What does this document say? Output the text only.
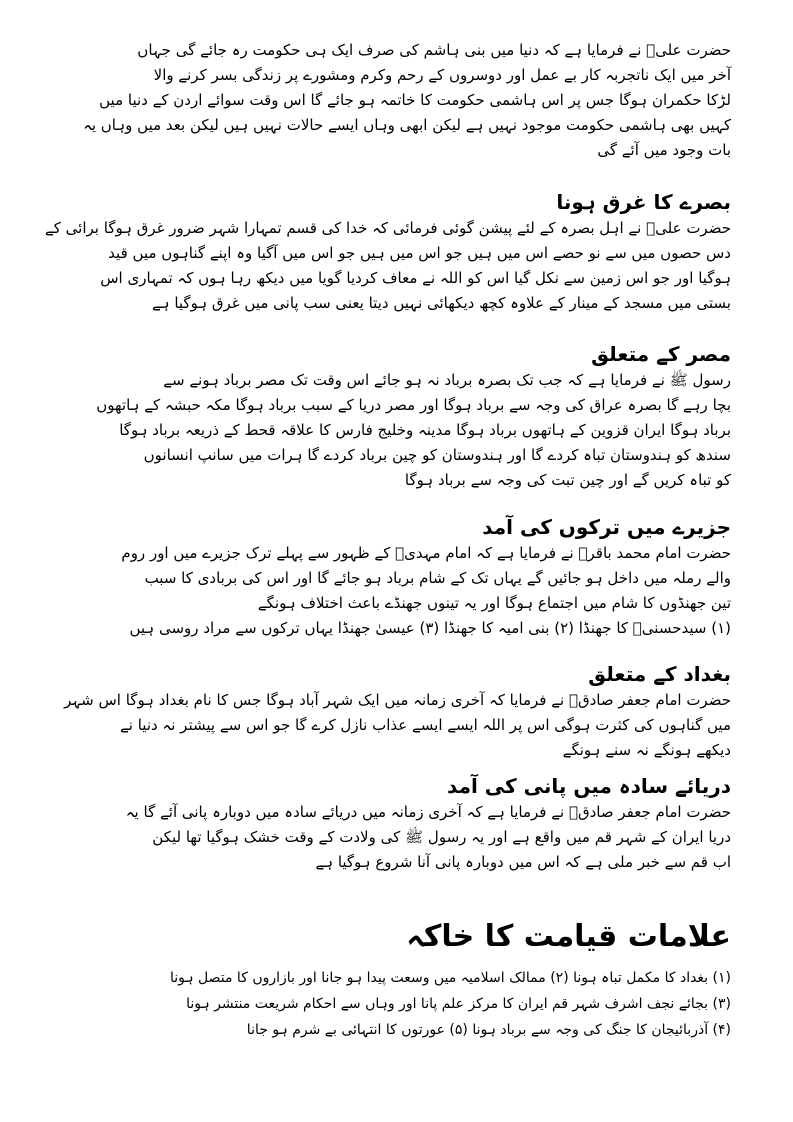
حضرت علیؑ نے فرمایا ہے کہ دنیا میں بنی ہاشم کی صرف ایک ہی حکومت رہ جائے گی جہاں
آخر میں ایک ناتجربہ کار بے عمل اور دوسروں کے رحم وکرم ومشورے پر زندگی بسر کرنے والا
لڑکا حکمران ہوگا جس پر اس ہاشمی حکومت کا خاتمہ ہو جائے گا اس وقت سوائے اردن کے دنیا میں
کہیں بھی ہاشمی حکومت موجود نہیں ہے لیکن ابھی وہاں ایسے حالات نہیں ہیں لیکن بعد میں وہاں یہ
بات وجود میں آئے گی
بصرے کا غرق ہونا
حضرت علیؑ نے اہل بصرہ کے لئے پیشن گوئی فرمائی کہ خدا کی قسم تمہارا شہر ضرور غرق ہوگا برائی کے
دس حصوں میں سے نو حصے اس میں ہیں جو اس میں ہیں جو اس میں آگیا وہ اپنے گناہوں میں قید
ہوگیا اور جو اس زمین سے نکل گیا اس کو اللہ نے معاف کردیا گویا میں دیکھ رہا ہوں کہ تمہاری اس
بستی میں مسجد کے مینار کے علاوہ کچھ دیکھائی نہیں دیتا یعنی سب پانی میں غرق ہوگیا ہے
مصر کے متعلق
رسول ﷺ نے فرمایا ہے کہ جب تک بصرہ برباد نہ ہو جائے اس وقت تک مصر برباد ہونے سے
بچا رہے گا بصرہ عراق کی وجہ سے برباد ہوگا اور مصر دریا کے سبب برباد ہوگا مکہ حبشہ کے ہاتھوں
برباد ہوگا ایران قزوین کے ہاتھوں برباد ہوگا مدینہ وخلیج فارس کا علاقہ قحط کے ذریعہ برباد ہوگا
سندھ کو ہندوستان تباہ کردے گا اور ہندوستان کو چین برباد کردے گا ہرات میں سانپ انسانوں
کو تباہ کریں گے اور چین تبت کی وجہ سے برباد ہوگا
جزیرے میں ترکوں کی آمد
حضرت امام محمد باقرؑ نے فرمایا ہے کہ امام مہدیؑ کے ظہور سے پہلے ترک جزیرے میں اور روم
والے رملہ میں داخل ہو جائیں گے یہاں تک کے شام برباد ہو جائے گا اور اس کی بربادی کا سبب
تین جھنڈوں کا شام میں اجتماع ہوگا اور یہ تینوں جھنڈے باعث اختلاف ہونگے
(۱) سیدحسنیؑ کا جھنڈا (۲) بنی امیہ کا جھنڈا (۳) عیسیٰ جھنڈا یہاں ترکوں سے مراد روسی ہیں
بغداد کے متعلق
حضرت امام جعفر صادقؑ نے فرمایا کہ آخری زمانہ میں ایک شہر آباد ہوگا جس کا نام بغداد ہوگا اس شہر
میں گناہوں کی کثرت ہوگی اس پر اللہ ایسے ایسے عذاب نازل کرے گا جو اس سے پیشتر نہ دنیا نے
دیکھے ہونگے نہ سنے ہونگے
دریائے سادہ میں پانی کی آمد
حضرت امام جعفر صادقؑ نے فرمایا ہے کہ آخری زمانہ میں دریائے سادہ میں دوبارہ پانی آئے گا یہ
دریا ایران کے شہر قم میں واقع ہے اور یہ رسول ﷺ کی ولادت کے وقت خشک ہوگیا تھا لیکن
اب قم سے خبر ملی ہے کہ اس میں دوبارہ پانی آنا شروع ہوگیا ہے
علامات قیامت کا خاکہ
(۱) بغداد کا مکمل تباہ ہونا (۲) ممالک اسلامیہ میں وسعت پیدا ہو جانا اور بازاروں کا متصل ہونا
(۳) بجائے نجف اشرف شہر قم ایران کا مرکز علم پانا اور وہاں سے احکام شریعت منتشر ہونا
(۴) آذربائیجان کا جنگ کی وجہ سے برباد ہونا (۵) عورتوں کا انتہائی بے شرم ہو جانا
